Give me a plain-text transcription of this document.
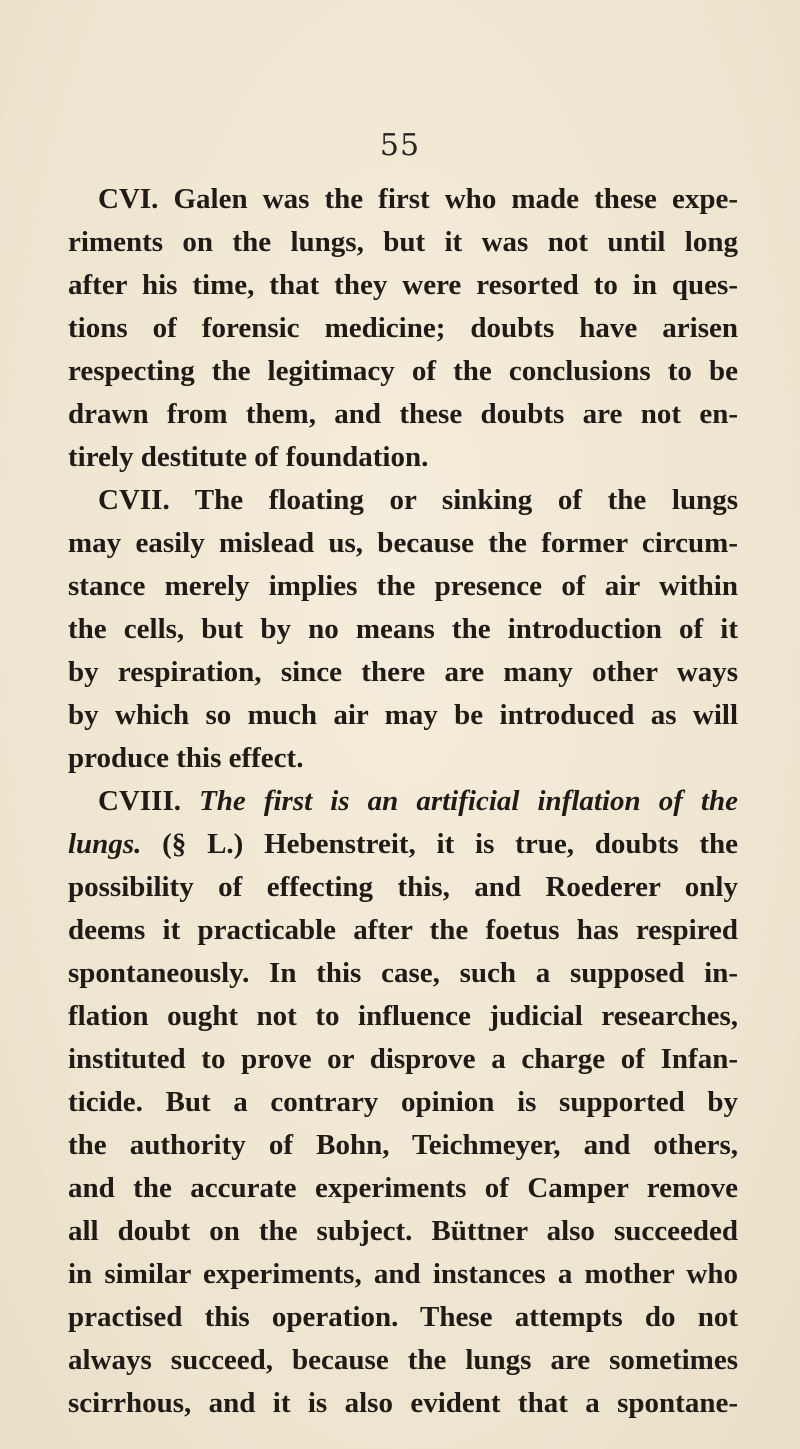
55
CVI. Galen was the first who made these expe-
riments on the lungs, but it was not until long
after his time, that they were resorted to in ques-
tions of forensic medicine; doubts have arisen
respecting the legitimacy of the conclusions to be
drawn from them, and these doubts are not en-
tirely destitute of foundation.
CVII. The floating or sinking of the lungs
may easily mislead us, because the former circum-
stance merely implies the presence of air within
the cells, but by no means the introduction of it
by respiration, since there are many other ways
by which so much air may be introduced as will
produce this effect.
CVIII. The first is an artificial inflation of the
lungs. (§ L.) Hebenstreit, it is true, doubts the
possibility of effecting this, and Roederer only
deems it practicable after the foetus has respired
spontaneously. In this case, such a supposed in-
flation ought not to influence judicial researches,
instituted to prove or disprove a charge of Infan-
ticide. But a contrary opinion is supported by
the authority of Bohn, Teichmeyer, and others,
and the accurate experiments of Camper remove
all doubt on the subject. Büttner also succeeded
in similar experiments, and instances a mother who
practised this operation. These attempts do not
always succeed, because the lungs are sometimes
scirrhous, and it is also evident that a spontane-
